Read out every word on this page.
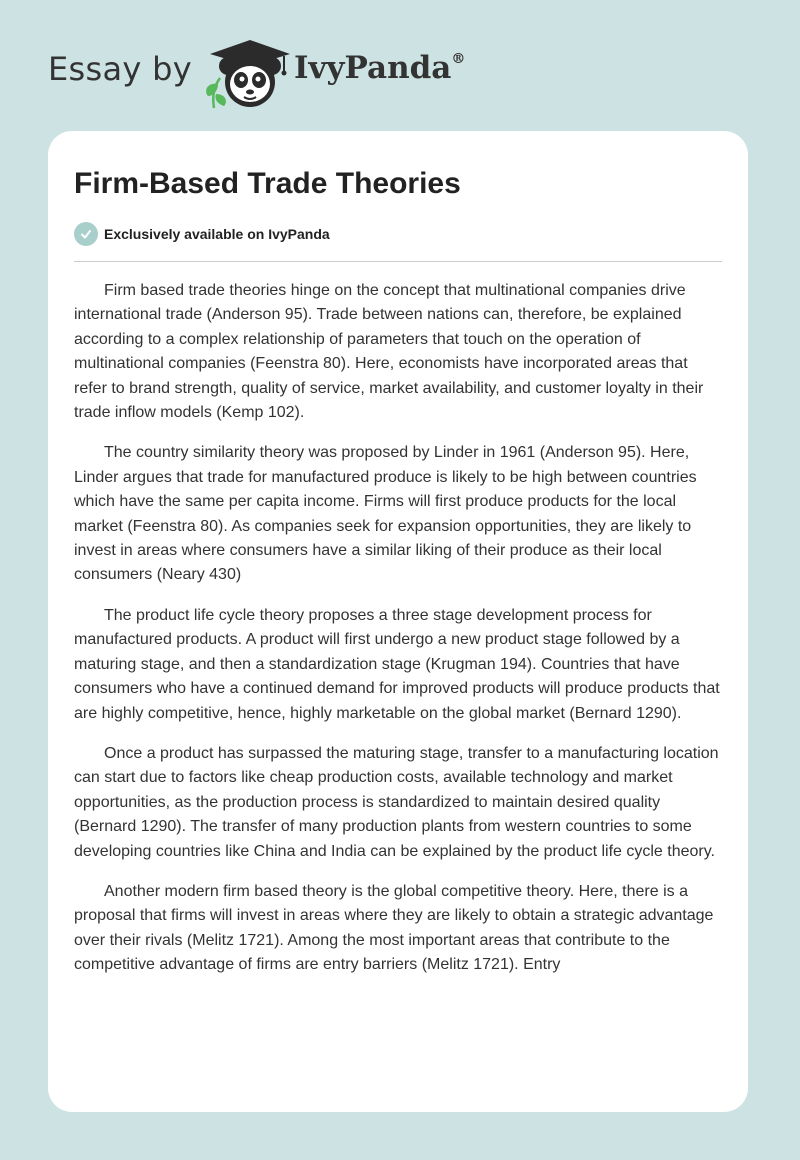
Essay by	IvyPanda®
Firm-Based Trade Theories
Exclusively available on IvyPanda

Firm based trade theories hinge on the concept that multinational companies drive international trade (Anderson 95). Trade between nations can, therefore, be explained according to a complex relationship of parameters that touch on the operation of multinational companies (Feenstra 80). Here, economists have incorporated areas that refer to brand strength, quality of service, market availability, and customer loyalty in their trade inflow models (Kemp 102).

The country similarity theory was proposed by Linder in 1961 (Anderson 95). Here, Linder argues that trade for manufactured produce is likely to be high between countries which have the same per capita income. Firms will first produce products for the local market (Feenstra 80). As companies seek for expansion opportunities, they are likely to invest in areas where consumers have a similar liking of their produce as their local consumers (Neary 430)

The product life cycle theory proposes a three stage development process for manufactured products. A product will first undergo a new product stage followed by a maturing stage, and then a standardization stage (Krugman 194). Countries that have consumers who have a continued demand for improved products will produce products that are highly competitive, hence, highly marketable on the global market (Bernard 1290).

Once a product has surpassed the maturing stage, transfer to a manufacturing location can start due to factors like cheap production costs, available technology and market opportunities, as the production process is standardized to maintain desired quality (Bernard 1290). The transfer of many production plants from western countries to some developing countries like China and India can be explained by the product life cycle theory.

Another modern firm based theory is the global competitive theory. Here, there is a proposal that firms will invest in areas where they are likely to obtain a strategic advantage over their rivals (Melitz 1721). Among the most important areas that contribute to the competitive advantage of firms are entry barriers (Melitz 1721). Entry
